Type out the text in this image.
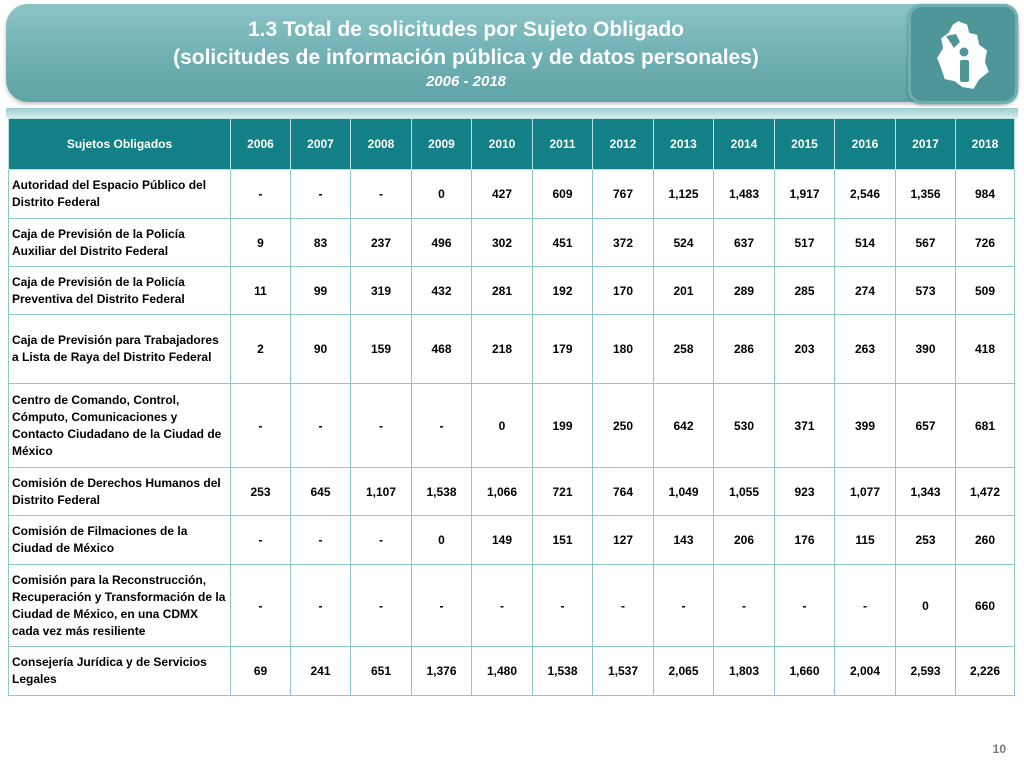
1.3 Total de solicitudes por Sujeto Obligado
(solicitudes de información pública y de datos personales)
2006 - 2018
Sujetos Obligados	2006	2007	2008	2009	2010	2011	2012	2013	2014	2015	2016	2017	2018
Autoridad del Espacio Público del Distrito Federal	-	-	-	0	427	609	767	1,125	1,483	1,917	2,546	1,356	984
Caja de Previsión de la Policía Auxiliar del Distrito Federal	9	83	237	496	302	451	372	524	637	517	514	567	726
Caja de Previsión de la Policía Preventiva del Distrito Federal	11	99	319	432	281	192	170	201	289	285	274	573	509
Caja de Previsión para Trabajadores a Lista de Raya del Distrito Federal	2	90	159	468	218	179	180	258	286	203	263	390	418
Centro de Comando, Control, Cómputo, Comunicaciones y Contacto Ciudadano de la Ciudad de México	-	-	-	-	0	199	250	642	530	371	399	657	681
Comisión de Derechos Humanos del Distrito Federal	253	645	1,107	1,538	1,066	721	764	1,049	1,055	923	1,077	1,343	1,472
Comisión de Filmaciones de la Ciudad de México	-	-	-	0	149	151	127	143	206	176	115	253	260
Comisión para la Reconstrucción, Recuperación y Transformación de la Ciudad de México, en una CDMX cada vez más resiliente	-	-	-	-	-	-	-	-	-	-	-	0	660
Consejería Jurídica y de Servicios Legales	69	241	651	1,376	1,480	1,538	1,537	2,065	1,803	1,660	2,004	2,593	2,226
10
